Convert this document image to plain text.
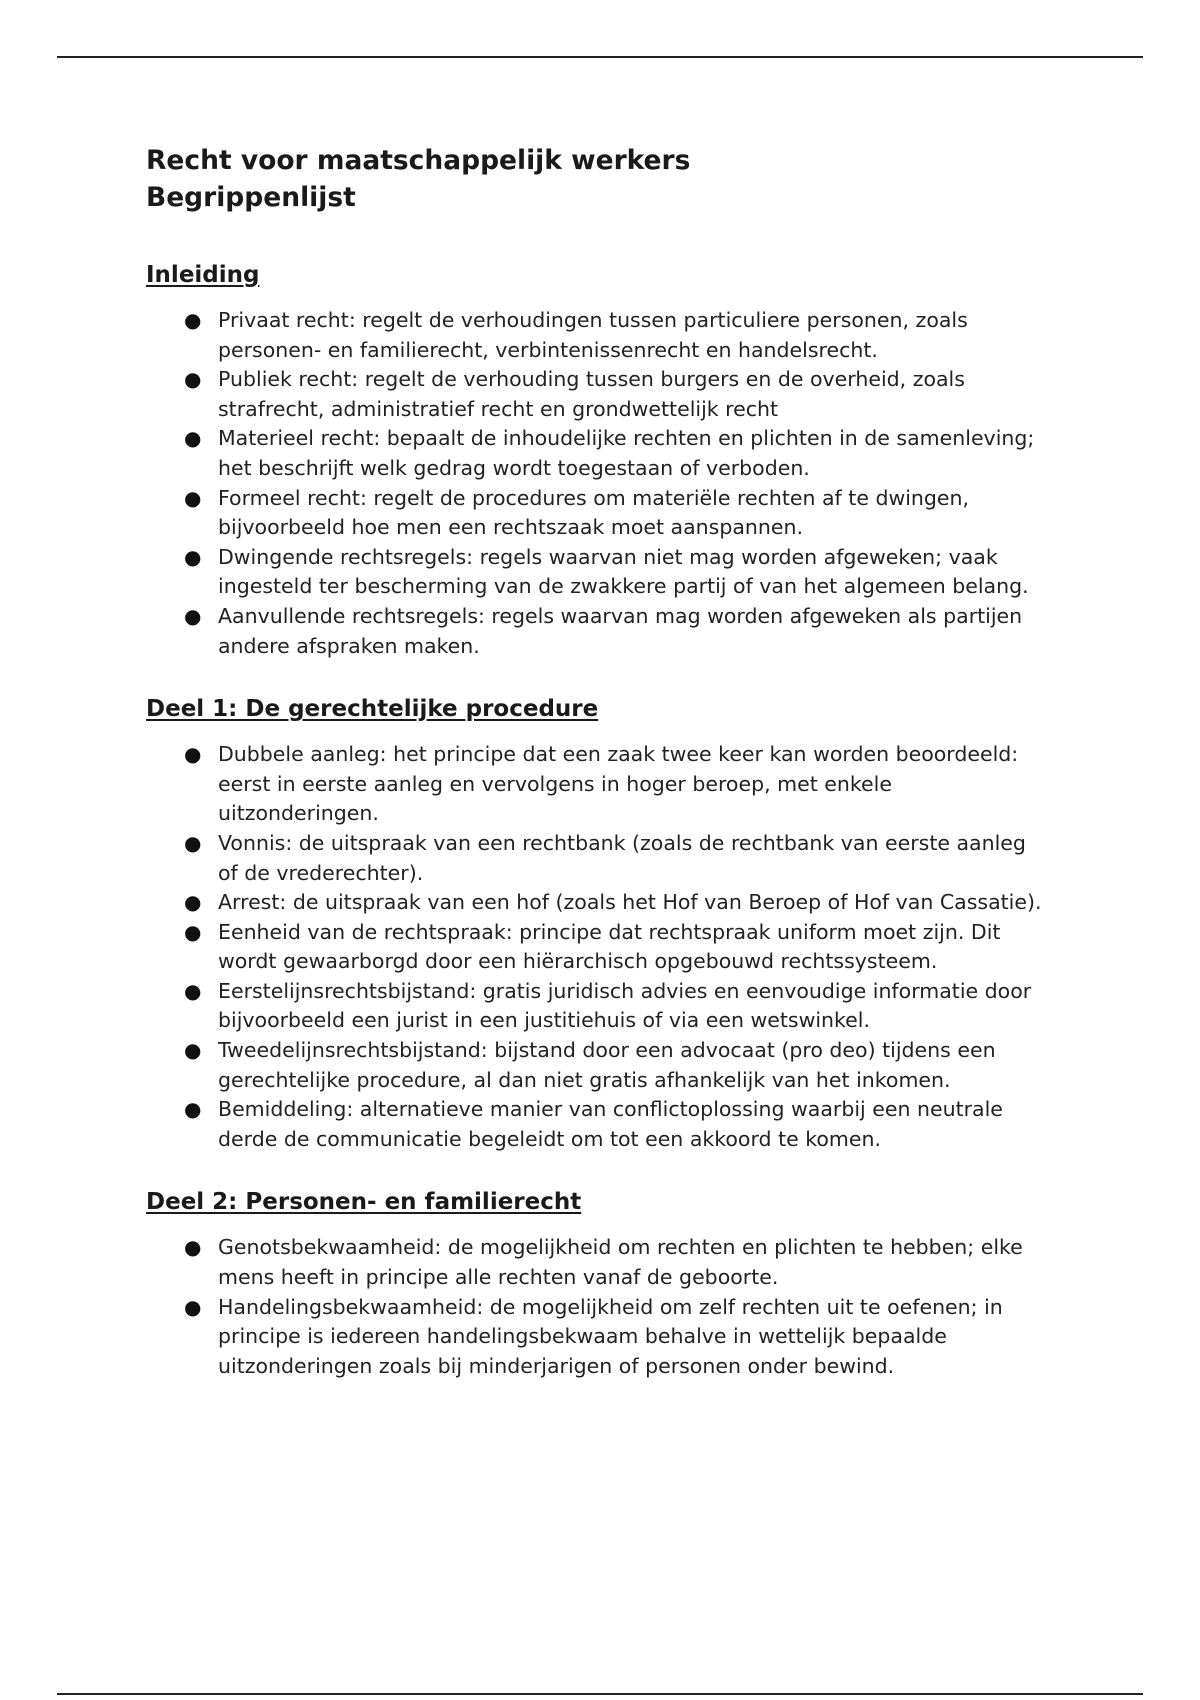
Recht voor maatschappelijk werkers
Begrippenlijst
Inleiding
● Privaat recht: regelt de verhoudingen tussen particuliere personen, zoals personen- en familierecht, verbintenissenrecht en handelsrecht.
● Publiek recht: regelt de verhouding tussen burgers en de overheid, zoals strafrecht, administratief recht en grondwettelijk recht
● Materieel recht: bepaalt de inhoudelijke rechten en plichten in de samenleving; het beschrijft welk gedrag wordt toegestaan of verboden.
● Formeel recht: regelt de procedures om materiële rechten af te dwingen, bijvoorbeeld hoe men een rechtszaak moet aanspannen.
● Dwingende rechtsregels: regels waarvan niet mag worden afgeweken; vaak ingesteld ter bescherming van de zwakkere partij of van het algemeen belang.
● Aanvullende rechtsregels: regels waarvan mag worden afgeweken als partijen andere afspraken maken.
Deel 1: De gerechtelijke procedure
● Dubbele aanleg: het principe dat een zaak twee keer kan worden beoordeeld: eerst in eerste aanleg en vervolgens in hoger beroep, met enkele uitzonderingen.
● Vonnis: de uitspraak van een rechtbank (zoals de rechtbank van eerste aanleg of de vrederechter).
● Arrest: de uitspraak van een hof (zoals het Hof van Beroep of Hof van Cassatie).
● Eenheid van de rechtspraak: principe dat rechtspraak uniform moet zijn. Dit wordt gewaarborgd door een hiërarchisch opgebouwd rechtssysteem.
● Eerstelijnsrechtsbijstand: gratis juridisch advies en eenvoudige informatie door bijvoorbeeld een jurist in een justitiehuis of via een wetswinkel.
● Tweedelijnsrechtsbijstand: bijstand door een advocaat (pro deo) tijdens een gerechtelijke procedure, al dan niet gratis afhankelijk van het inkomen.
● Bemiddeling: alternatieve manier van conflictoplossing waarbij een neutrale derde de communicatie begeleidt om tot een akkoord te komen.
Deel 2: Personen- en familierecht
● Genotsbekwaamheid: de mogelijkheid om rechten en plichten te hebben; elke mens heeft in principe alle rechten vanaf de geboorte.
● Handelingsbekwaamheid: de mogelijkheid om zelf rechten uit te oefenen; in principe is iedereen handelingsbekwaam behalve in wettelijk bepaalde uitzonderingen zoals bij minderjarigen of personen onder bewind.
